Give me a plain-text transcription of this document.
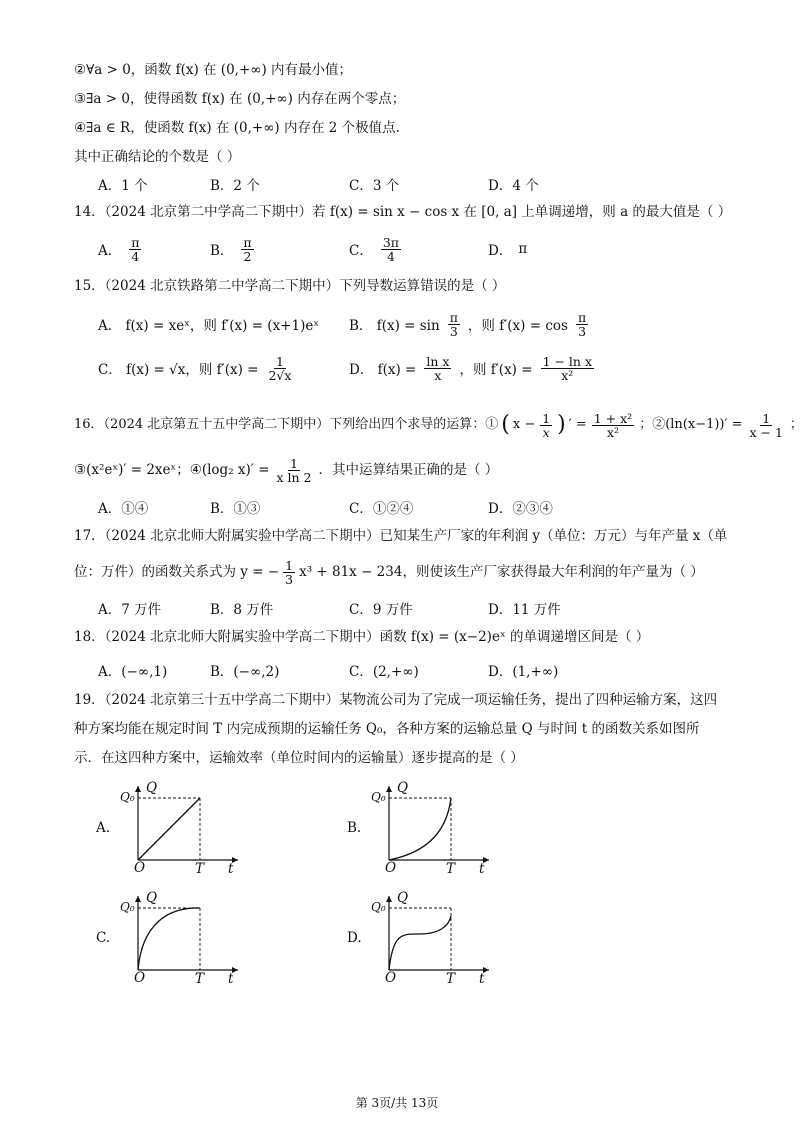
②∀a > 0，函数 f(x) 在 (0,+∞) 内有最小值；
③∃a > 0，使得函数 f(x) 在 (0,+∞) 内存在两个零点；
④∃a ∈ R，使函数 f(x) 在 (0,+∞) 内存在 2 个极值点.
其中正确结论的个数是（ ）
A．1 个	B．2 个	C．3 个	D．4 个
14．（2024 北京第二中学高二下期中）若 f(x) = sin x − cos x 在 [0, a] 上单调递增，则 a 的最大值是（ ）
A． $\frac{\pi}{4}$	B． $\frac{\pi}{2}$	C． $\frac{3\pi}{4}$	D． π
15．（2024 北京铁路第二中学高二下期中）下列导数运算错误的是（ ）
A． f(x) = xeˣ，则 f′(x) = (x+1)eˣ B． $f(x) = \sin \frac{\pi}{3}$ ，则 $f'(x) = \cos \frac{\pi}{3}$
C． f(x) = √x，则 $f'(x) = \frac{1}{2√x}$	D． $f(x) = \frac{\text{ln x}}{x}$ ，则 $f'(x) = \frac{\text{1 − ln x}}{\text{x²}}$
16．（2024 北京第五十五中学高二下期中）下列给出四个求导的运算：① ( $x - \frac{1}{x}$ ) ′ = $\frac{\text{1 + x²}}{\text{x²}}$ ；②(ln(x−1))′ = $\frac{1}{x - 1}$ ；
③(x²eˣ)′ = 2xeˣ；④(log₂ $x)' = \frac{1}{\text{x ln 2}}$ ．其中运算结果正确的是（ ）
A．①④	B．①③	C．①②④	D．②③④
17．（2024 北京北师大附属实验中学高二下期中）已知某生产厂家的年利润 y（单位：万元）与年产量 x（单
位：万件）的函数关系式为 y = − $\frac{1}{3} x^3 + 81x - 234$，则使该生产厂家获得最大年利润的年产量为（ ）
A．7 万件	B．8 万件	C．9 万件	D．11 万件
18．（2024 北京北师大附属实验中学高二下期中）函数 f(x) = (x−2)eˣ 的单调递增区间是（ ）
A．(−∞,1)	B．(−∞,2)	C．(2,+∞)	D．(1,+∞)
19．（2024 北京第三十五中学高二下期中）某物流公司为了完成一项运输任务，提出了四种运输方案，这四
种方案均能在规定时间 T 内完成预期的运输任务 Q₀，各种方案的运输总量 Q 与时间 t 的函数关系如图所
示．在这四种方案中，运输效率（单位时间内的运输量）逐步提高的是（ ）
A.
Q
Q₀
O	T t
B.
Q
Q₀
O	T t
C.
Q
Q₀
O	T t
D.
Q
Q₀
O	T t
第 3页/共 13页
